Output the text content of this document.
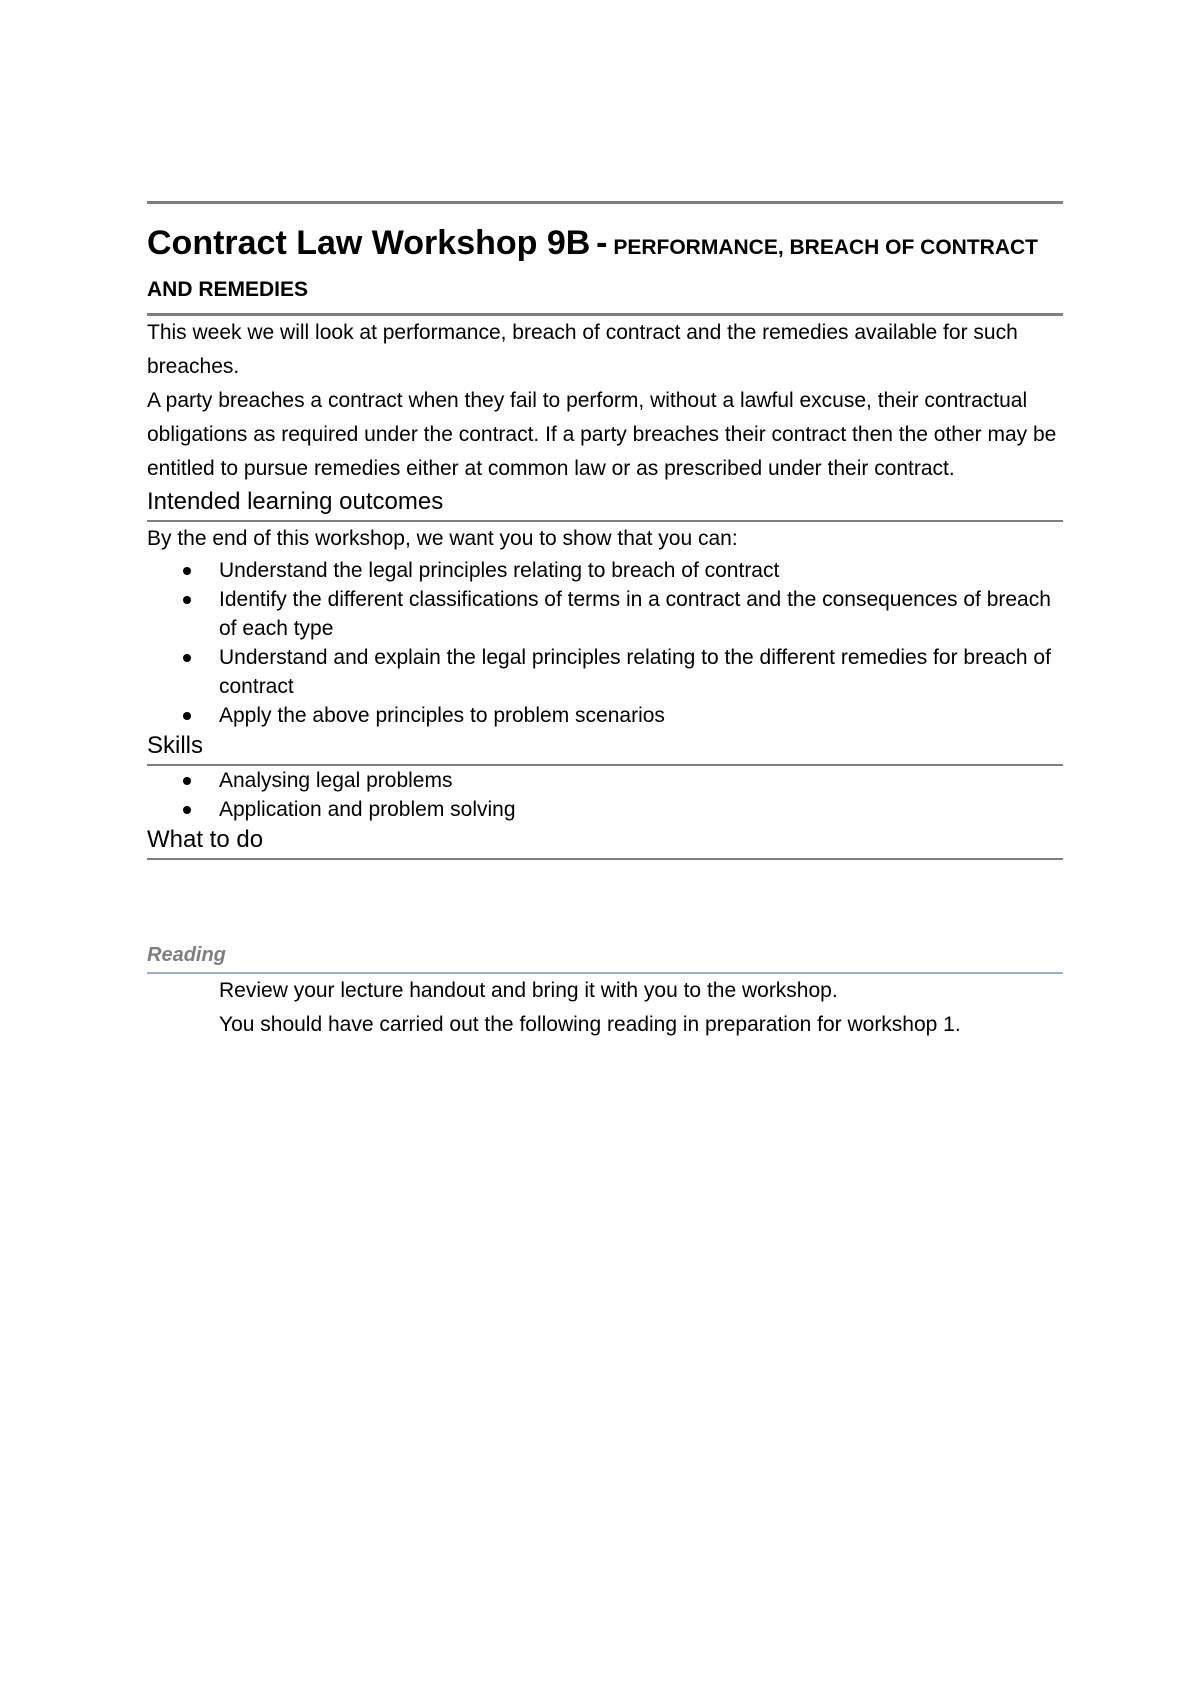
Contract Law Workshop 9B - PERFORMANCE, BREACH OF CONTRACT AND REMEDIES

This week we will look at performance, breach of contract and the remedies available for such breaches.

A party breaches a contract when they fail to perform, without a lawful excuse, their contractual obligations as required under the contract. If a party breaches their contract then the other may be entitled to pursue remedies either at common law or as prescribed under their contract.

Intended learning outcomes

By the end of this workshop, we want you to show that you can:

Understand the legal principles relating to breach of contract
Identify the different classifications of terms in a contract and the consequences of breach of each type
Understand and explain the legal principles relating to the different remedies for breach of contract
Apply the above principles to problem scenarios
Skills
Analysing legal problems
Application and problem solving
What to do
Reading

Review your lecture handout and bring it with you to the workshop.

You should have carried out the following reading in preparation for workshop 1.
